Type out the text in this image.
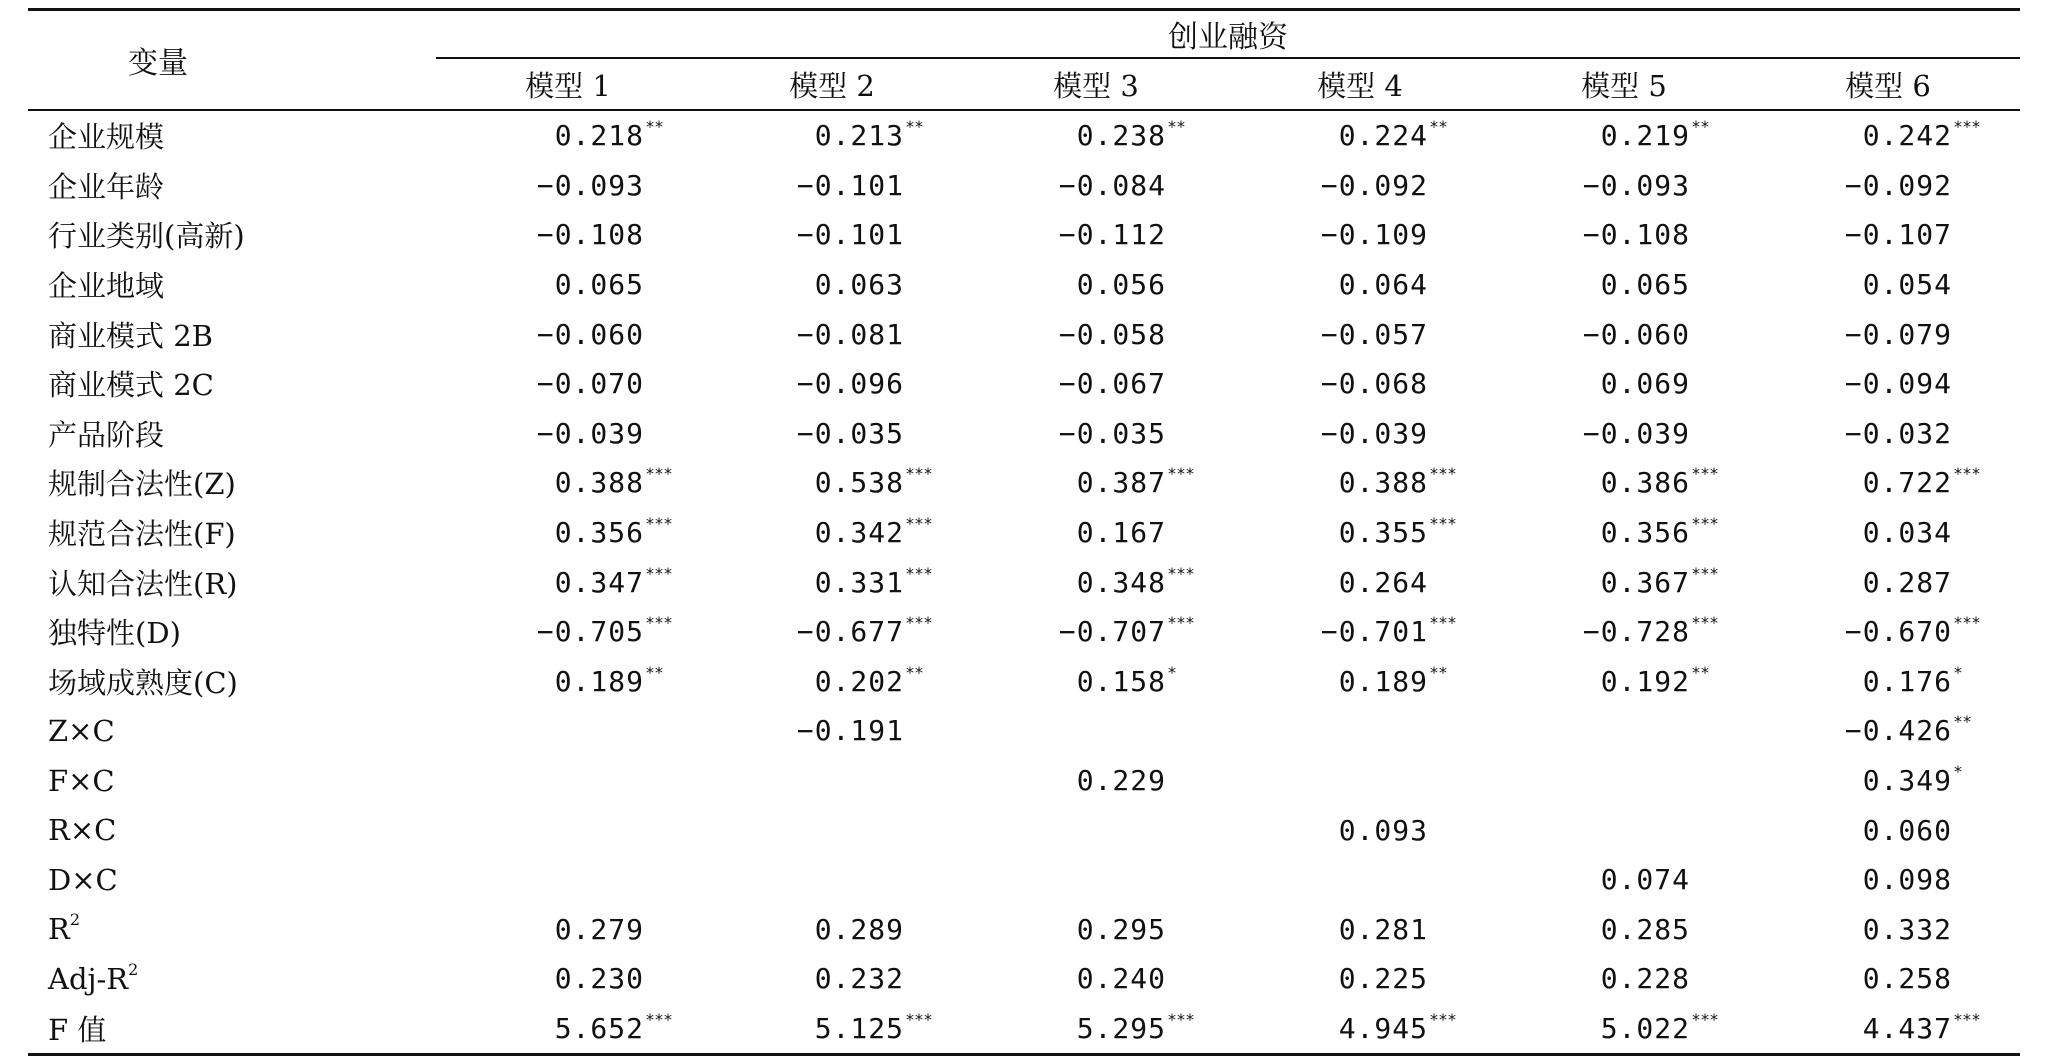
变量	创业融资					
	模型 1	模型 2	模型 3	模型 4	模型 5	模型 6
企业规模	0.218 **	0.213 **	0.238 **	0.224 **	0.219 **	0.242 ***
企业年龄	−0.093	−0.101	−0.084	−0.092	−0.093	−0.092
行业类别(高新)	−0.108	−0.101	−0.112	−0.109	−0.108	−0.107
企业地域	0.065	0.063	0.056	0.064	0.065	0.054
商业模式 2B	−0.060	−0.081	−0.058	−0.057	−0.060	−0.079
商业模式 2C	−0.070	−0.096	−0.067	−0.068	0.069	−0.094
产品阶段	−0.039	−0.035	−0.035	−0.039	−0.039	−0.032
规制合法性(Z)	0.388 ***	0.538 ***	0.387 ***	0.388 ***	0.386 ***	0.722 ***
规范合法性(F)	0.356 ***	0.342 ***	0.167	0.355 ***	0.356 ***	0.034
认知合法性(R)	0.347 ***	0.331 ***	0.348 ***	0.264	0.367 ***	0.287
独特性(D)	−0.705 ***	−0.677 ***	−0.707 ***	−0.701 ***	−0.728 ***	−0.670 ***
场域成熟度(C)	0.189 **	0.202 **	0.158 *	0.189 **	0.192 **	0.176 *
Z×C		−0.191				−0.426 **
F×C			0.229			0.349 *
R×C				0.093		0.060
D×C					0.074	0.098
$R^2$	0.279	0.289	0.295	0.281	0.285	0.332
Adj-$R^2$	0.230	0.232	0.240	0.225	0.228	0.258
F 值	5.652 ***	5.125 ***	5.295 ***	4.945 ***	5.022 ***	4.437 ***
